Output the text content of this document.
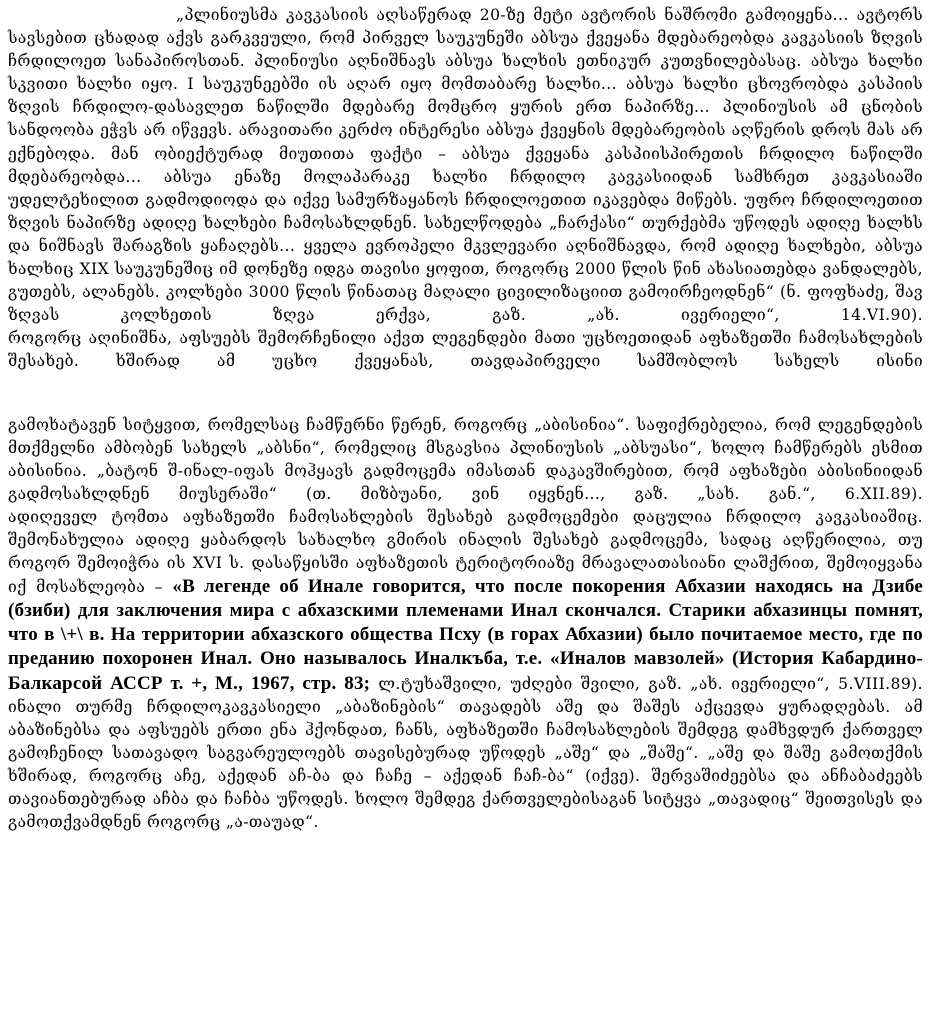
„პლინიუსმა კავკასიის აღსაწერად 20-ზე მეტი ავტორის ნაშრომი გამოიყენა... ავტორს სავსებით ცხადად აქვს გარკვეული, რომ პირველ საუკუნეში აბსუა ქვეყანა მდებარეობდა კავკასიის ზღვის ჩრდილოეთ სანაპიროსთან. პლინიუსი აღნიშნავს აბსუა ხალხის ეთნიკურ კუთვნილებასაც. აბსუა ხალხი სკვითი ხალხი იყო. I საუკუნეებში ის აღარ იყო მომთაბარე ხალხი... აბსუა ხალხი ცხოვრობდა კასპიის ზღვის ჩრდილო-დასავლეთ ნაწილში მდებარე მომცრო ყურის ერთ ნაპირზე... პლინიუსის ამ ცნობის სანდოობა ეჭვს არ იწვევს. არავითარი კერძო ინტერესი აბსუა ქვეყნის მდებარეობის აღწერის დროს მას არ ექნებოდა. მან ობიექტურად მიუთითა ფაქტი – აბსუა ქვეყანა კასპიისპირეთის ჩრდილო ნაწილში მდებარეობდა... აბსუა ენაზე მოლაპარაკე ხალხი ჩრდილო კავკასიიდან სამხრეთ კავკასიაში უდელტეხილით გადმოდიოდა და იქვე სამურზაყანოს ჩრდილოეთით იკავებდა მიწებს. უფრო ჩრდილოეთით ზღვის ნაპირზე ადიღე ხალხები ჩამოსახლდნენ. სახელწოდება „ჩარქასი“ თურქებმა უწოდეს ადიღე ხალხს და ნიშნავს შარაგზის ყაჩაღებს... ყველა ევროპელი მკვლევარი აღნიშნავდა, რომ ადიღე ხალხები, აბსუა ხალხიც XIX საუკუნეშიც იმ დონეზე იდგა თავისი ყოფით, როგორც 2000 წლის წინ ახასიათებდა ვანდალებს, გუთებს, ალანებს. კოლხები 3000 წლის წინათაც მაღალი ცივილიზაციით გამოირჩეოდნენ“ (ნ. ფოფხაძე, შავ ზღვას კოლხეთის ზღვა ერქვა, გაზ. „ახ. ივერიელი“, 14.VI.90).

როგორც აღინიშნა, აფსუებს შემორჩენილი აქვთ ლეგენდები მათი უცხოეთიდან აფხაზეთში ჩამოსახლების შესახებ. ხშირად ამ უცხო ქვეყანას, თავდაპირველი სამშობლოს სახელს ისინი

გამოხატავენ სიტყვით, რომელსაც ჩამწერნი წერენ, როგორც „აბისინია“. საფიქრებელია, რომ ლეგენდების მთქმელნი ამბობენ სახელს „აბსნი“, რომელიც მსგავსია პლინიუსის „აბსუასი“, ხოლო ჩამწერებს ესმით აბისინია. „ბატონ შ-ინალ-იფას მოჰყავს გადმოცემა იმასთან დაკავშირებით, რომ აფხაზები აბისინიიდან გადმოსახლდნენ მიუსერაში“ (თ. მიზბუანი, ვინ იყვნენ..., გაზ. „სახ. გან.“, 6.XII.89).

ადიღეველ ტომთა აფხაზეთში ჩამოსახლების შესახებ გადმოცემები დაცულია ჩრდილო კავკასიაშიც. შემონახულია ადიღე ყაბარდოს სახალხო გმირის ინალის შესახებ გადმოცემა, სადაც აღწერილია, თუ როგორ შემოიჭრა ის XVI ს. დასაწყისში აფხაზეთის ტერიტორიაზე მრავალათასიანი ლაშქრით, შემოიყვანა იქ მოსახლეობა – «В легенде об Инале говорится, что после покорения Абхазии находясь на Дзибе (бзиби) для заключения мира с абхазскими племенами Инал скончался. Старики абхазинцы помнят, что в \+\ в. На территории абхазского общества Псху (в горах Абхазии) было почитаемое место, где по преданию похоронен Инал. Оно называлось Иналкъба, т.е. «Иналов мавзолей» (История Кабардино-Балкарсой АССР т. +, М., 1967, стр. 83; ლ.ტუხაშვილი, უძღები შვილი, გაზ. „ახ. ივერიელი“, 5.VIII.89).

ინალი თურმე ჩრდილოკავკასიელი „აბაზინების“ თავადებს აშე და შაშეს აქცევდა ყურადღებას. ამ აბაზინებსა და აფსუებს ერთი ენა ჰქონდათ, ჩანს, აფხაზეთში ჩამოსახლების შემდეგ დამხვდურ ქართველ გამოჩენილ სათავადო საგვარეულოებს თავისებურად უწოდეს „აშე“ და „შაშე“. „აშე და შაშე გამოთქმის ხშირად, როგორც აჩე, აქედან აჩ-ბა და ჩაჩე – აქედან ჩაჩ-ბა“ (იქვე). შერვაშიძეებსა და ანჩაბაძეებს თავიანთებურად აჩბა და ჩაჩბა უწოდეს. ხოლო შემდეგ ქართველებისაგან სიტყვა „თავადიც“ შეითვისეს და გამოთქვამდნენ როგორც „ა-თაუად“.
